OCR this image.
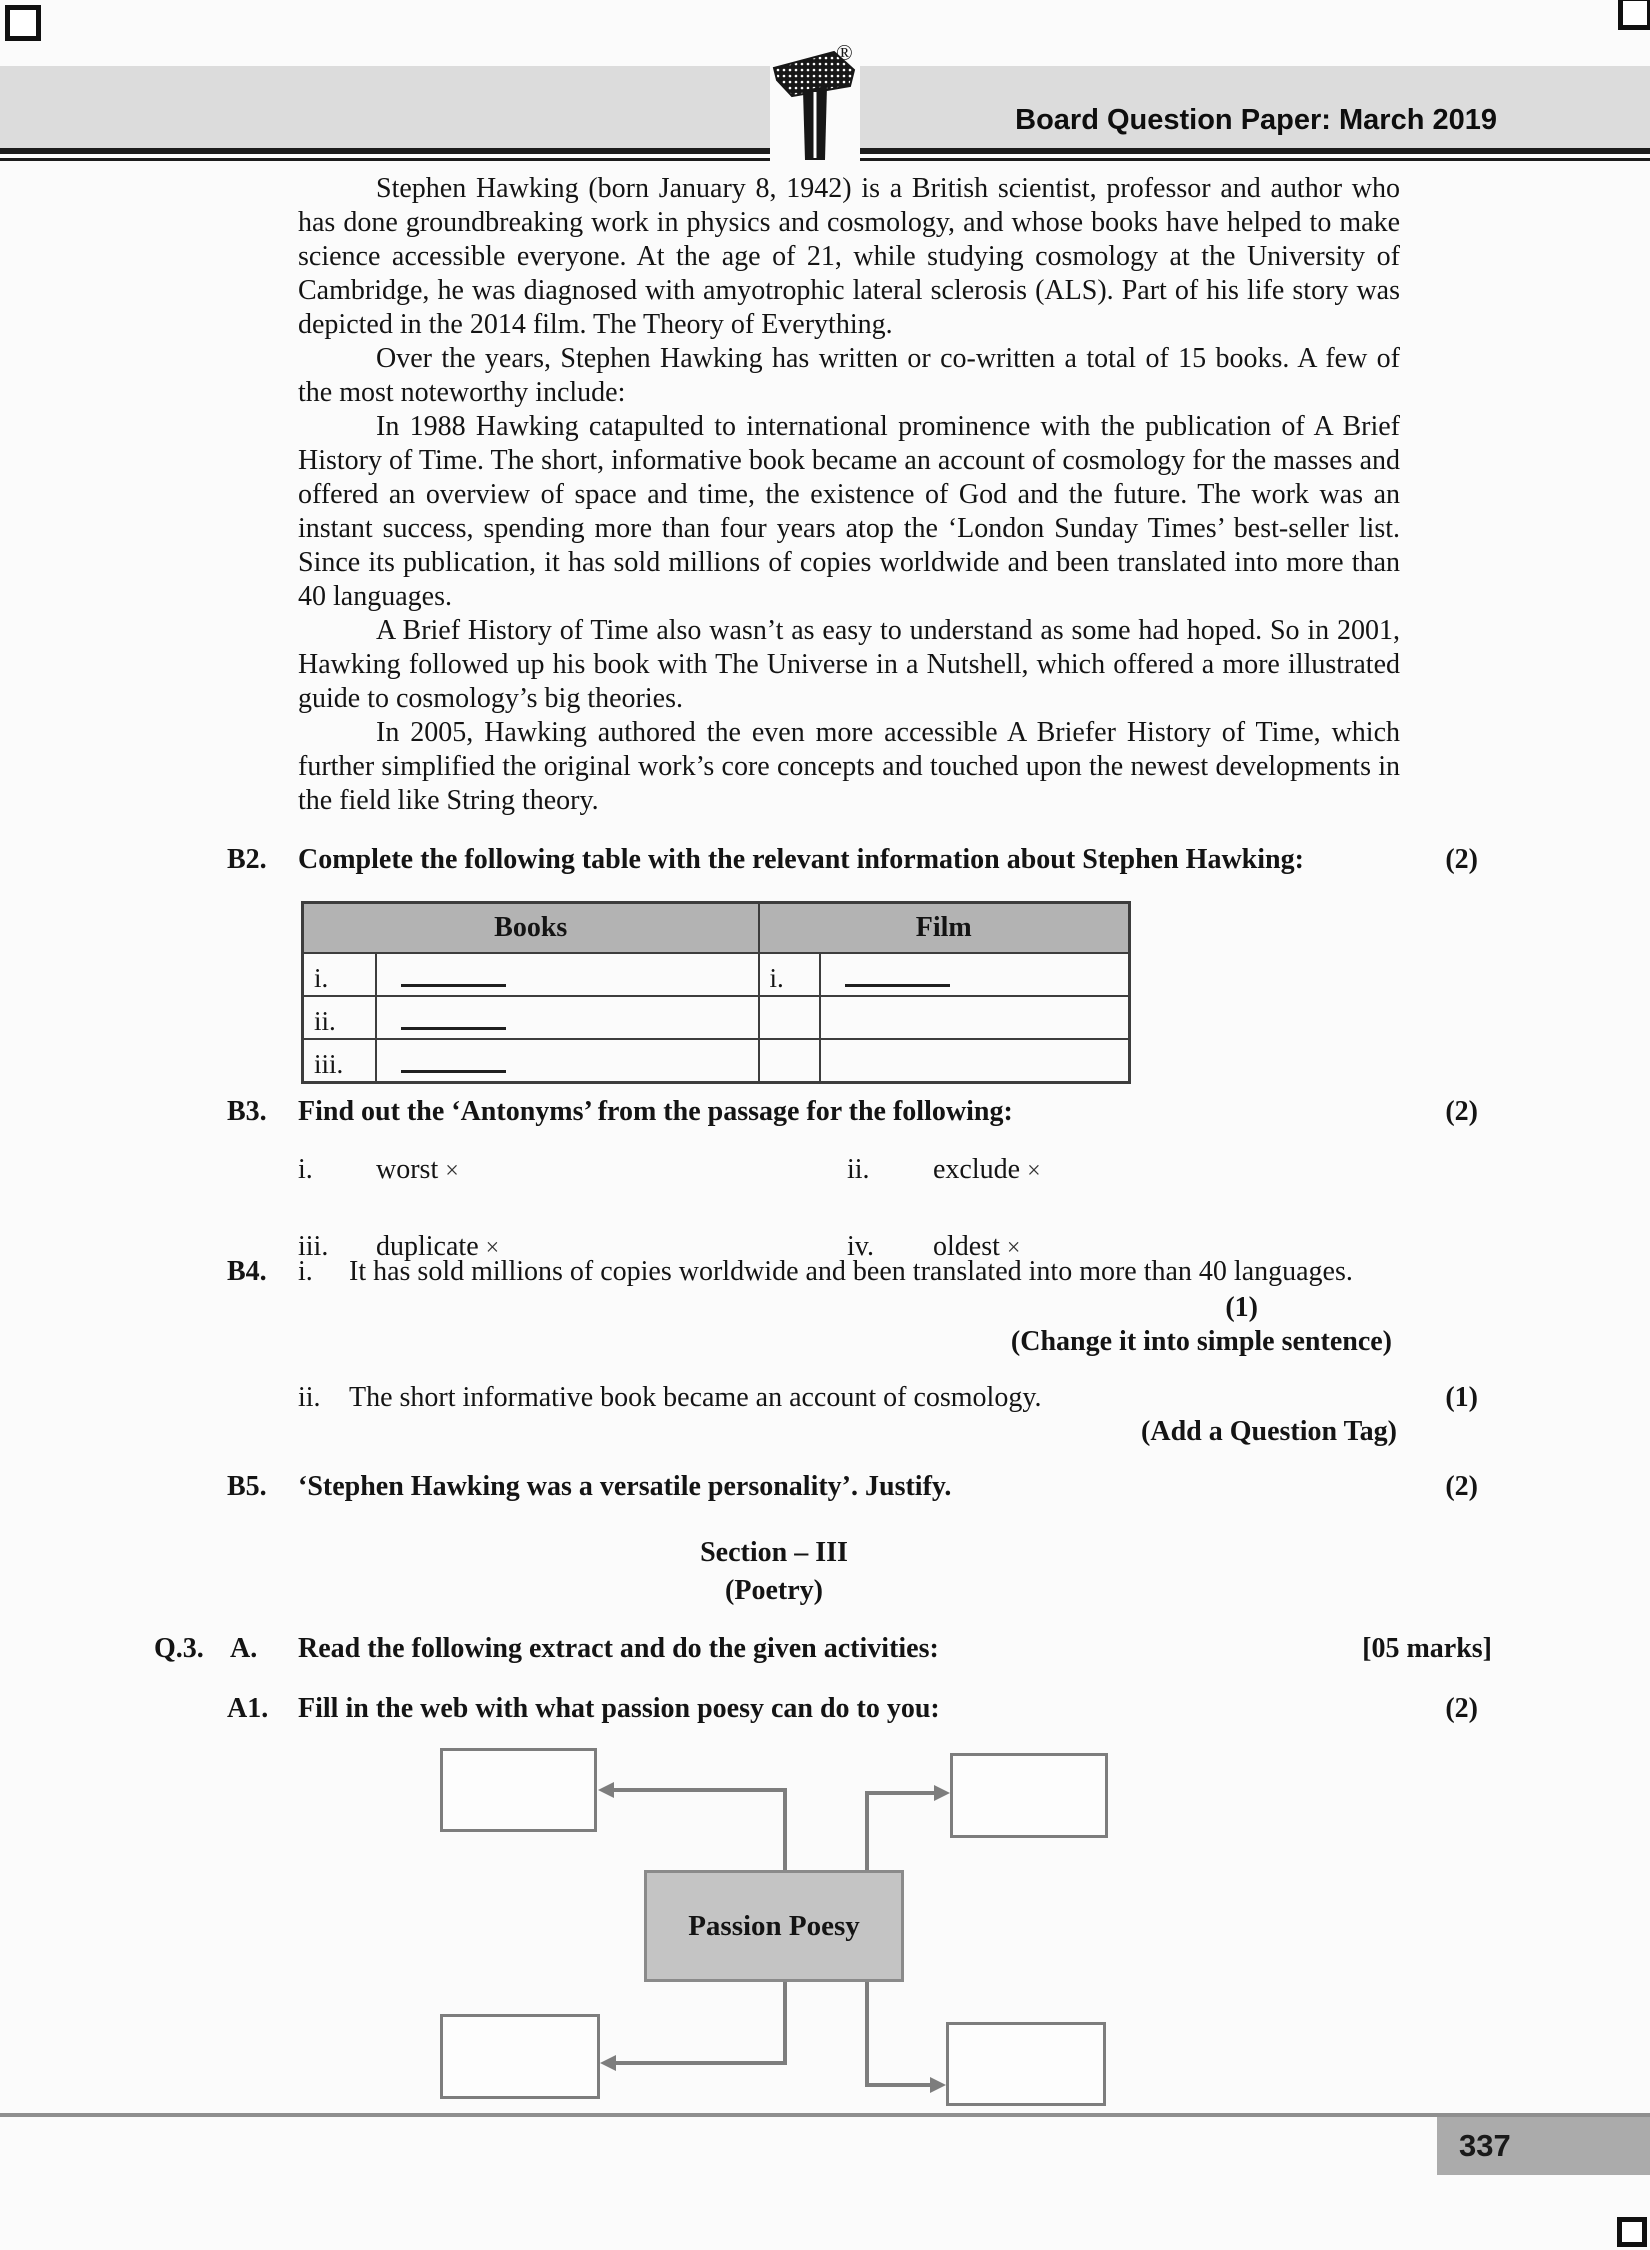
®
Board Question Paper: March 2019

Stephen Hawking (born January 8, 1942) is a British scientist, professor and author who has done groundbreaking work in physics and cosmology, and whose books have helped to make science accessible everyone. At the age of 21, while studying cosmology at the University of Cambridge, he was diagnosed with amyotrophic lateral sclerosis (ALS). Part of his life story was depicted in the 2014 film. The Theory of Everything.

Over the years, Stephen Hawking has written or co-written a total of 15 books. A few of the most noteworthy include:

In 1988 Hawking catapulted to international prominence with the publication of A Brief History of Time. The short, informative book became an account of cosmology for the masses and offered an overview of space and time, the existence of God and the future. The work was an instant success, spending more than four years atop the ‘London Sunday Times’ best-seller list. Since its publication, it has sold millions of copies worldwide and been translated into more than 40 languages.

A Brief History of Time also wasn’t as easy to understand as some had hoped. So in 2001, Hawking followed up his book with The Universe in a Nutshell, which offered a more illustrated guide to cosmology’s big theories.

In 2005, Hawking authored the even more accessible A Briefer History of Time, which further simplified the original work’s core concepts and touched upon the newest developments in the field like String theory.

B2.	Complete the following table with the relevant information about Stephen Hawking:	(2)
Books		Film	
i.		i.	
ii.			
iii.			
B3.	Find out the ‘Antonyms’ from the passage for the following:	(2)
i.	worst ×	ii.	exclude ×
iii.	duplicate ×	iv.	oldest ×
B4.	i.	It has sold millions of copies worldwide and been translated into more than 40 languages.
(1)
(Change it into simple sentence)
ii.	The short informative book became an account of cosmology.	(1)
(Add a Question Tag)
B5.	‘Stephen Hawking was a versatile personality’. Justify.	(2)
Section – III
(Poetry)
Q.3. A.	Read the following extract and do the given activities:	[05 marks]
A1.	Fill in the web with what passion poesy can do to you:	(2)
Passion Poesy
337
